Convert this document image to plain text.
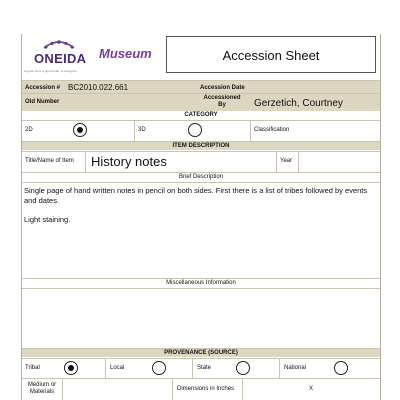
ONEIDA
A good mind. A good heart. A strong fire.
Museum	Accession Sheet
Accession # BC2010.022.661	Accession Date
Old Number
Accessioned By	Gerzetich, Courtney
CATEGORY
2D	3D	Classification
ITEM DESCRIPTION
Title/Name of Item History notes	Year
Brief Description
Single page of hand written notes in pencil on both sides. First there is a list of tribes followed by events and dates.
Light staining.
Miscellaneous Information
PROVENANCE (SOURCE)
Tribal	Local	State	National
Medium or Materials	Dimensions in Inches	X
